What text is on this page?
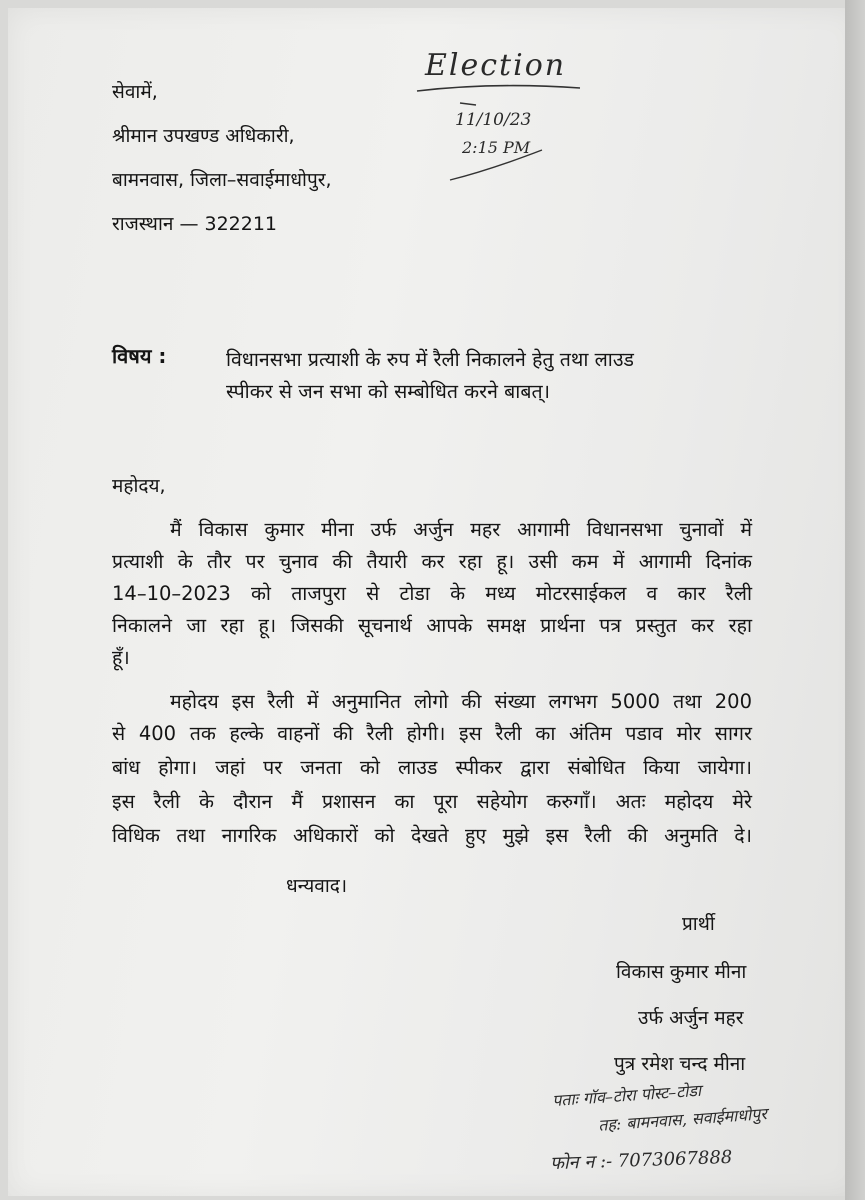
सेवामें,
श्रीमान उपखण्ड अधिकारी,
बामनवास, जिला–सवाईमाधोपुर,
राजस्थान — 322211
Election
11/10/23
2:15 PM
विषय :	विधानसभा प्रत्याशी के रुप में रैली निकालने हेतु तथा लाउड
स्पीकर से जन सभा को सम्बोधित करने बाबत्।
महोदय,
मैं विकास कुमार मीना उर्फ अर्जुन महर आगामी विधानसभा चुनावों में
प्रत्याशी के तौर पर चुनाव की तैयारी कर रहा हू। उसी कम में आगामी दिनांक
14–10–2023 को ताजपुरा से टोडा के मध्य मोटरसाईकल व कार रैली
निकालने जा रहा हू। जिसकी सूचनार्थ आपके समक्ष प्रार्थना पत्र प्रस्तुत कर रहा
हूँ।
महोदय इस रैली में अनुमानित लोगो की संख्या लगभग 5000 तथा 200
से 400 तक हल्के वाहनों की रैली होगी। इस रैली का अंतिम पडाव मोर सागर
बांध होगा। जहां पर जनता को लाउड स्पीकर द्वारा संबोधित किया जायेगा।
इस रैली के दौरान मैं प्रशासन का पूरा सहेयोग करुगाँ। अतः महोदय मेरे
विधिक तथा नागरिक अधिकारों को देखते हुए मुझे इस रैली की अनुमति दे।
धन्यवाद।
प्रार्थी
विकास कुमार मीना
उर्फ अर्जुन महर
पुत्र रमेश चन्द मीना
पताः गॉव–टोरा पोस्ट–टोडा
तह: बामनवास, सवाईमाधोपुर
फोन न :- 7073067888
